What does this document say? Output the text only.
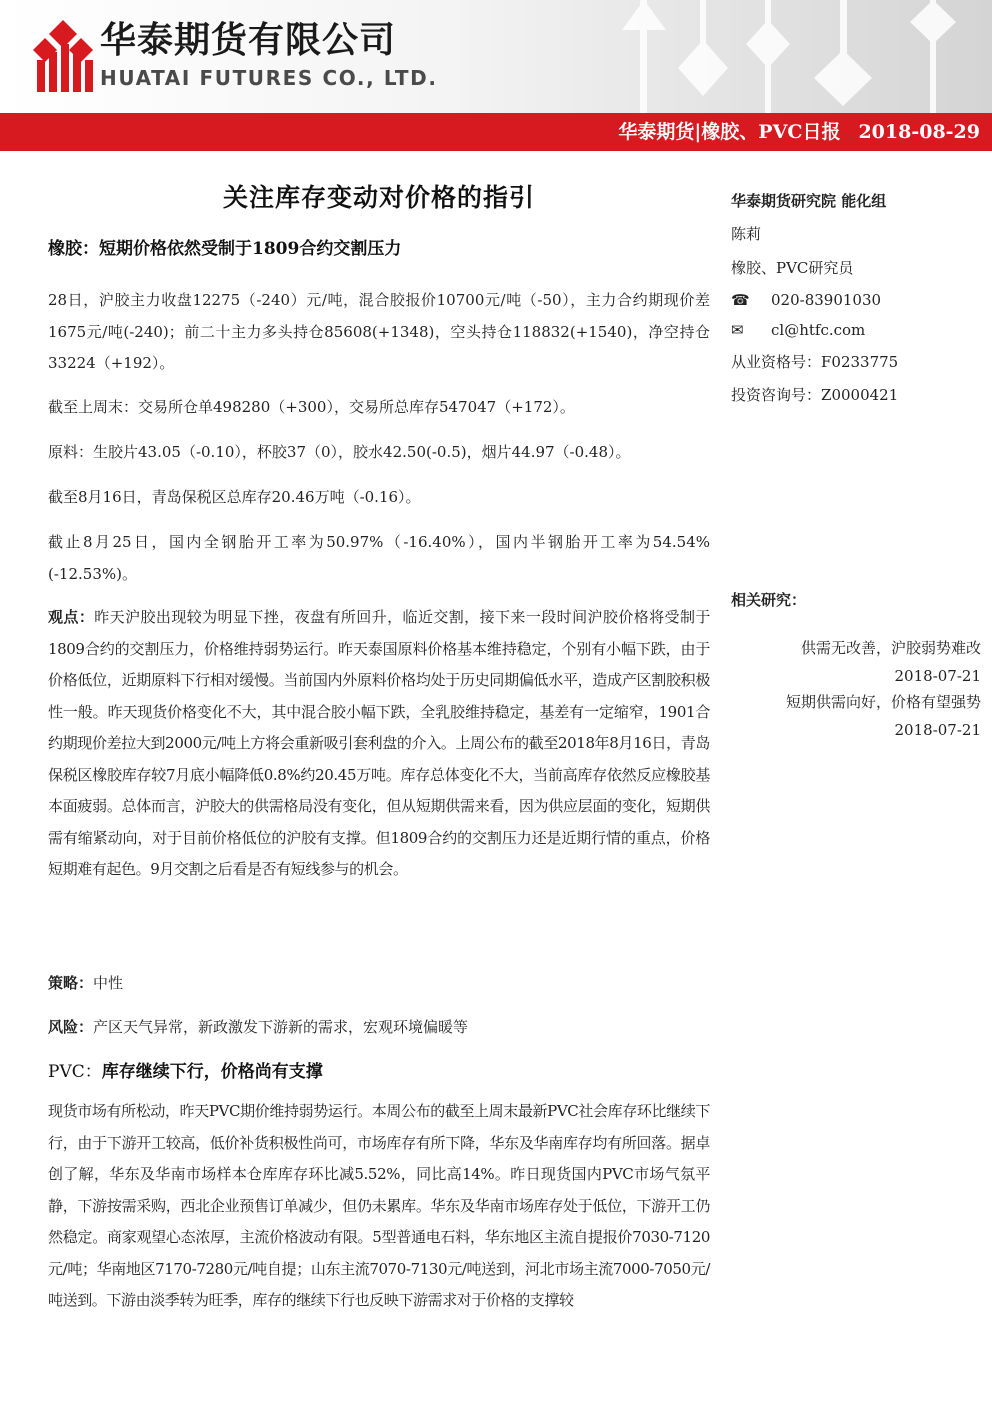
华泰期货有限公司
HUATAI FUTURES CO., LTD.
华泰期货|橡胶、PVC日报 2018-08-29
关注库存变动对价格的指引
橡胶：短期价格依然受制于1809合约交割压力

28日，沪胶主力收盘12275（-240）元/吨，混合胶报价10700元/吨（-50），主力合约期现价差1675元/吨(-240)；前二十主力多头持仓85608(+1348)，空头持仓118832(+1540)，净空持仓33224（+192）。

截至上周末：交易所仓单498280（+300），交易所总库存547047（+172）。

原料：生胶片43.05（-0.10），杯胶37（0），胶水42.50(-0.5)，烟片44.97（-0.48）。

截至8月16日，青岛保税区总库存20.46万吨（-0.16）。

截止8月25日，国内全钢胎开工率为50.97%（-16.40%），国内半钢胎开工率为54.54%(-12.53%)。

观点：昨天沪胶出现较为明显下挫，夜盘有所回升，临近交割，接下来一段时间沪胶价格将受制于1809合约的交割压力，价格维持弱势运行。昨天泰国原料价格基本维持稳定，个别有小幅下跌，由于价格低位，近期原料下行相对缓慢。当前国内外原料价格均处于历史同期偏低水平，造成产区割胶积极性一般。昨天现货价格变化不大，其中混合胶小幅下跌，全乳胶维持稳定，基差有一定缩窄，1901合约期现价差拉大到2000元/吨上方将会重新吸引套利盘的介入。上周公布的截至2018年8月16日，青岛保税区橡胶库存较7月底小幅降低0.8%约20.45万吨。库存总体变化不大，当前高库存依然反应橡胶基本面疲弱。总体而言，沪胶大的供需格局没有变化，但从短期供需来看，因为供应层面的变化，短期供需有缩紧动向，对于目前价格低位的沪胶有支撑。但1809合约的交割压力还是近期行情的重点，价格短期难有起色。9月交割之后看是否有短线参与的机会。

策略：中性

风险：产区天气异常，新政激发下游新的需求，宏观环境偏暖等

PVC：库存继续下行，价格尚有支撑

现货市场有所松动，昨天PVC期价维持弱势运行。本周公布的截至上周末最新PVC社会库存环比继续下行，由于下游开工较高，低价补货积极性尚可，市场库存有所下降，华东及华南库存均有所回落。据卓创了解，华东及华南市场样本仓库库存环比减5.52%，同比高14%。昨日现货国内PVC市场气氛平静，下游按需采购，西北企业预售订单减少，但仍未累库。华东及华南市场库存处于低位，下游开工仍然稳定。商家观望心态浓厚，主流价格波动有限。5型普通电石料，华东地区主流自提报价7030-7120元/吨；华南地区7170-7280元/吨自提；山东主流7070-7130元/吨送到，河北市场主流7000-7050元/吨送到。下游由淡季转为旺季，库存的继续下行也反映下游需求对于价格的支撑较

华泰期货研究院 能化组
陈莉
橡胶、PVC研究员
☎ 020-83901030
✉ cl@htfc.com
从业资格号：F0233775
投资咨询号：Z0000421
相关研究：
供需无改善，沪胶弱势难改
2018-07-21
短期供需向好，价格有望强势
2018-07-21
